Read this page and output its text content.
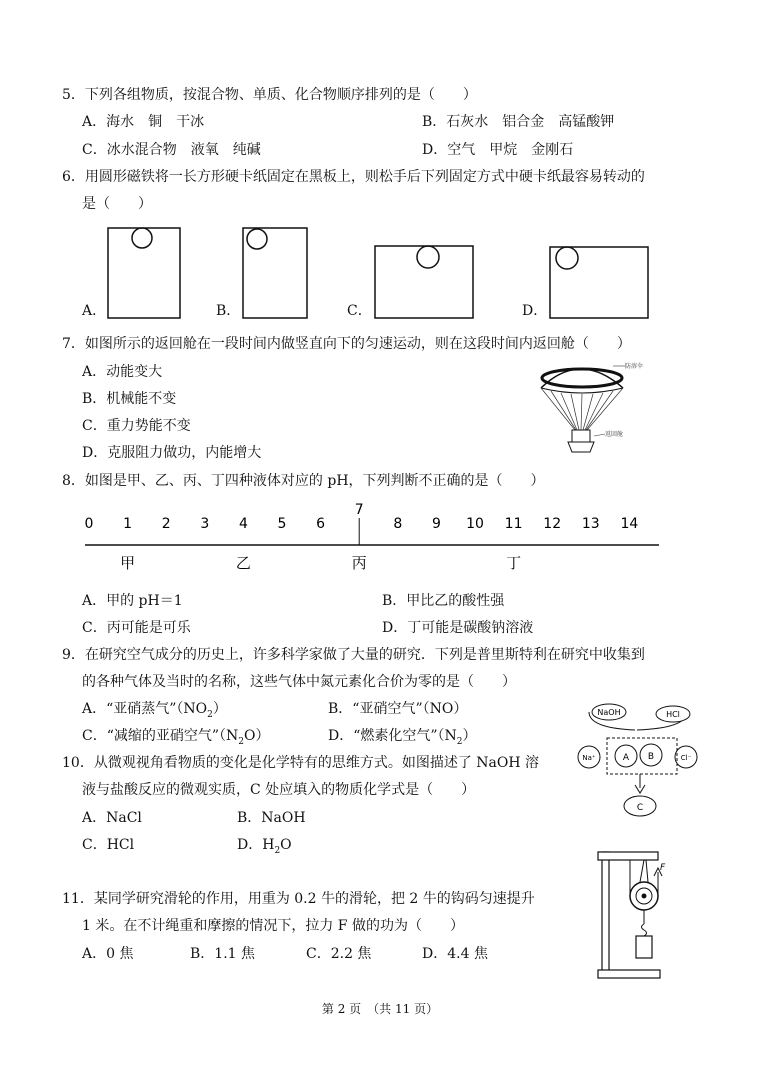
5．下列各组物质，按混合物、单质、化合物顺序排列的是（　　）
A．海水　铜　干冰	B．石灰水　铝合金　高锰酸钾
C．冰水混合物　液氧　纯碱	D．空气　甲烷　金刚石
6．用圆形磁铁将一长方形硬卡纸固定在黑板上，则松手后下列固定方式中硬卡纸最容易转动的
是（　　）
A．	B．	C．	D．
7．如图所示的返回舱在一段时间内做竖直向下的匀速运动，则在这段时间内返回舱（　　）
A．动能变大
B．机械能不变
C．重力势能不变
D．克服阻力做功，内能增大
防溶伞
返回舱
8．如图是甲、乙、丙、丁四种液体对应的 pH，下列判断不正确的是（　　）
0 1 2 3 4 5 6
7
8 9 10 11 12 13 14
甲	乙	丙	丁
A．甲的 pH＝1	B．甲比乙的酸性强
C．丙可能是可乐	D．丁可能是碳酸钠溶液
9．在研究空气成分的历史上，许多科学家做了大量的研究．下列是普里斯特利在研究中收集到
的各种气体及当时的名称，这些气体中氮元素化合价为零的是（　　）
A．“亚硝蒸气$”(NO_2)$	B．“亚硝空气”（NO）
C．“减缩的亚硝空气$”(N_2O)$	D．“燃素化空气$”(N_2)$
10．从微观视角看物质的变化是化学特有的思维方式。如图描述了 NaOH 溶
液与盐酸反应的微观实质，C 处应填入的物质化学式是（　　）
A．NaCl	B．NaOH
C．HCl	D．$H_2O$
NaOH	HCl
Na⁺	A B	Cl⁻
C
11．某同学研究滑轮的作用，用重为 0.2 牛的滑轮，把 2 牛的钩码匀速提升
1 米。在不计绳重和摩擦的情况下，拉力 F 做的功为（　　）
A．0 焦	B．1.1 焦	C．2.2 焦	D．4.4 焦
F
第 2 页　（共 11 页）
